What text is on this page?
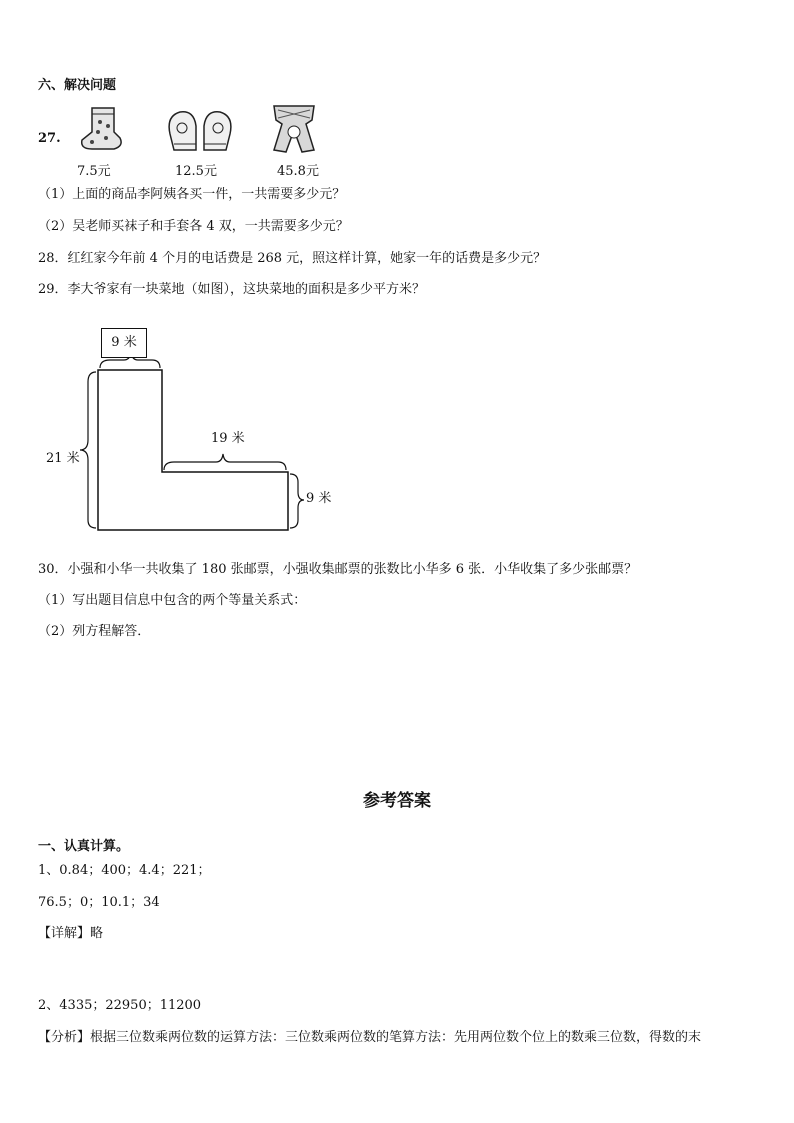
六、解决问题
27.
7.5元	12.5元	45.8元
（1）上面的商品李阿姨各买一件，一共需要多少元？
（2）吴老师买袜子和手套各 4 双，一共需要多少元？
28．红红家今年前 4 个月的电话费是 268 元，照这样计算，她家一年的话费是多少元？
29．李大爷家有一块菜地（如图），这块菜地的面积是多少平方米？
9 米
21 米
19 米
9 米
30．小强和小华一共收集了 180 张邮票，小强收集邮票的张数比小华多 6 张．小华收集了多少张邮票？
（1）写出题目信息中包含的两个等量关系式：
（2）列方程解答．
参考答案
一、认真计算。
1、0.84；400；4.4；221；
76.5；0；10.1；34
【详解】略
2、4335；22950；11200
【分析】根据三位数乘两位数的运算方法：三位数乘两位数的笔算方法：先用两位数个位上的数乘三位数，得数的末
